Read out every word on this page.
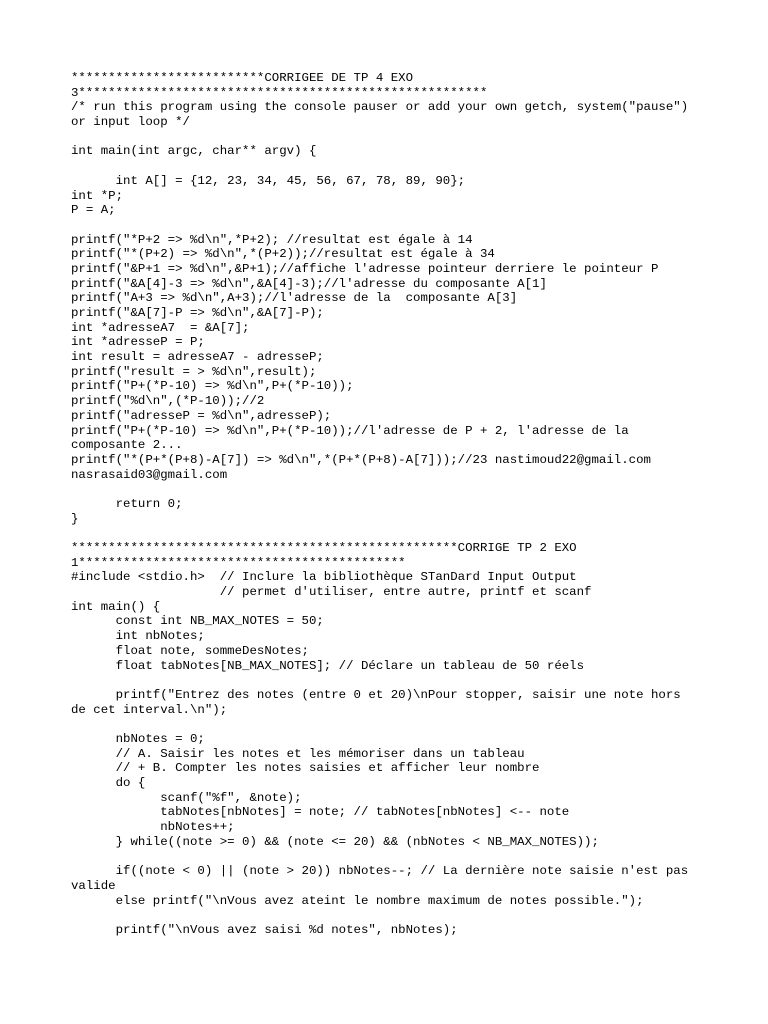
**************************CORRIGEE DE TP 4 EXO
3*******************************************************
/* run this program using the console pauser or add your own getch, system("pause")
or input loop */
int main(int argc, char** argv) {
int A[] = {12, 23, 34, 45, 56, 67, 78, 89, 90};
int *P;
P = A;
printf("*P+2 => %d\n",*P+2); //resultat est égale à 14
printf("*(P+2) => %d\n",*(P+2));//resultat est égale à 34
printf("&P+1 => %d\n",&P+1);//affiche l'adresse pointeur derriere le pointeur P
printf("&A[4]-3 => %d\n",&A[4]-3);//l'adresse du composante A[1]
printf("A+3 => %d\n",A+3);//l'adresse de la  composante A[3]
printf("&A[7]-P => %d\n",&A[7]-P);
int *adresseA7  = &A[7];
int *adresseP = P;
int result = adresseA7 - adresseP;
printf("result = > %d\n",result);
printf("P+(*P-10) => %d\n",P+(*P-10));
printf("%d\n",(*P-10));//2
printf("adresseP = %d\n",adresseP);
printf("P+(*P-10) => %d\n",P+(*P-10));//l'adresse de P + 2, l'adresse de la
composante 2...
printf("*(P+*(P+8)-A[7]) => %d\n",*(P+*(P+8)-A[7]));//23 nastimoud22@gmail.com
nasrasaid03@gmail.com
return 0;
}
****************************************************CORRIGE TP 2 EXO
1********************************************
#include <stdio.h>  // Inclure la bibliothèque STanDard Input Output
// permet d'utiliser, entre autre, printf et scanf
int main() {
const int NB_MAX_NOTES = 50;
int nbNotes;
float note, sommeDesNotes;
float tabNotes[NB_MAX_NOTES]; // Déclare un tableau de 50 réels
printf("Entrez des notes (entre 0 et 20)\nPour stopper, saisir une note hors
de cet interval.\n");
nbNotes = 0;
// A. Saisir les notes et les mémoriser dans un tableau
// + B. Compter les notes saisies et afficher leur nombre
do {
scanf("%f", &note);
tabNotes[nbNotes] = note; // tabNotes[nbNotes] <-- note
nbNotes++;
} while((note >= 0) && (note <= 20) && (nbNotes < NB_MAX_NOTES));
if((note < 0) || (note > 20)) nbNotes--; // La dernière note saisie n'est pas
valide
else printf("\nVous avez ateint le nombre maximum de notes possible.");
printf("\nVous avez saisi %d notes", nbNotes);
